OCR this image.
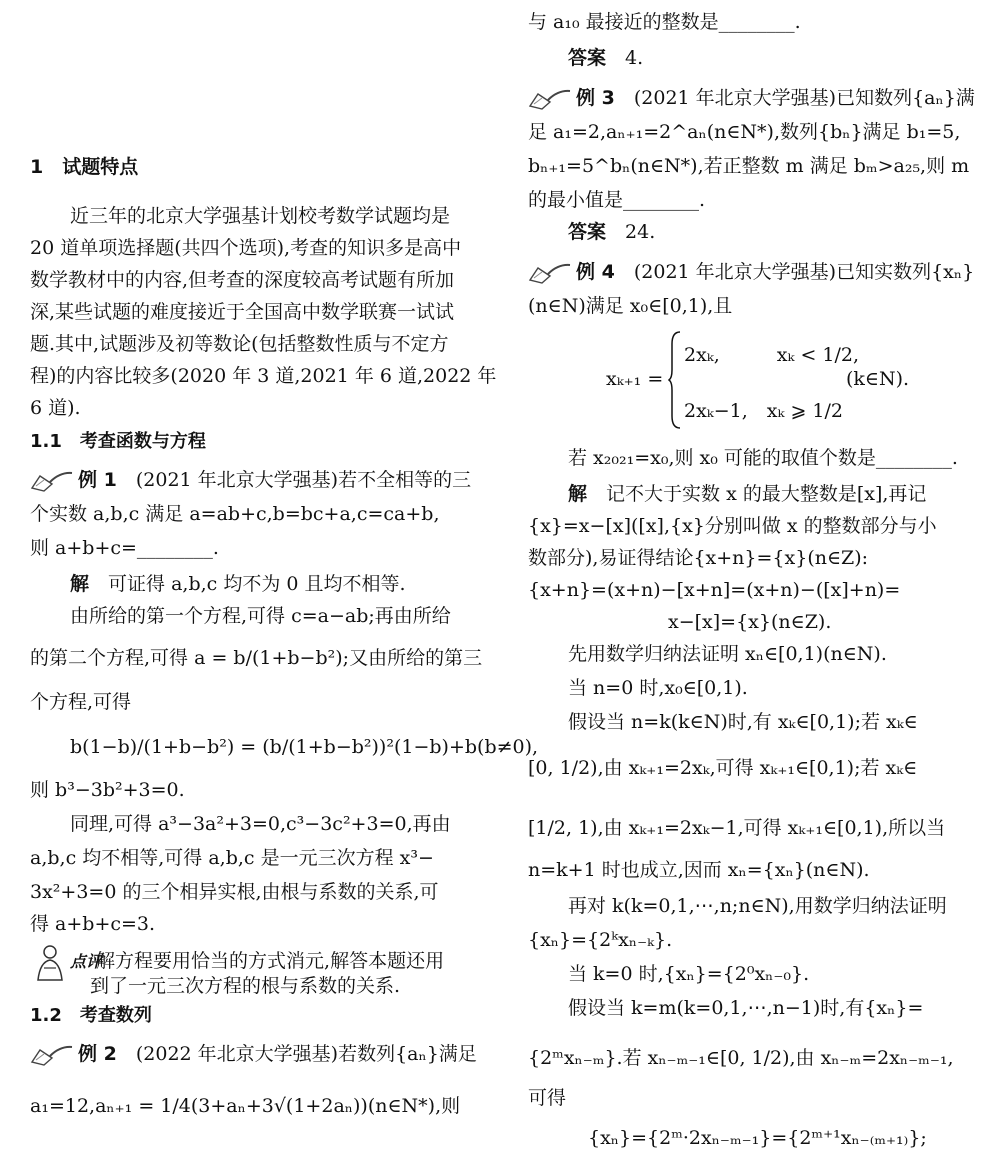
1　试题特点
近三年的北京大学强基计划校考数学试题均是
20 道单项选择题(共四个选项),考查的知识多是高中
数学教材中的内容,但考查的深度较高考试题有所加
深,某些试题的难度接近于全国高中数学联赛一试试
题.其中,试题涉及初等数论(包括整数性质与不定方
程)的内容比较多(2020 年 3 道,2021 年 6 道,2022 年
6 道).
1.1　考查函数与方程
例 1　 (2021 年北京大学强基)若不全相等的三
个实数 a,b,c 满足 a=ab+c,b=bc+a,c=ca+b,
则 a+b+c=________.
解　 可证得 a,b,c 均不为 0 且均不相等.
由所给的第一个方程,可得 c=a−ab;再由所给
的第二个方程,可得 a = b/(1+b−b²);又由所给的第三
个方程,可得
b(1−b)/(1+b−b²) = (b/(1+b−b²))²(1−b)+b(b≠0),
则 b³−3b²+3=0.
同理,可得 a³−3a²+3=0,c³−3c²+3=0,再由
a,b,c 均不相等,可得 a,b,c 是一元三次方程 x³−
3x²+3=0 的三个相异实根,由根与系数的关系,可
得 a+b+c=3.
点评 解方程要用恰当的方式消元,解答本题还用
到了一元三次方程的根与系数的关系.
1.2　考查数列
例 2　 (2022 年北京大学强基)若数列{aₙ}满足
a₁=12,aₙ₊₁ = 1/4(3+aₙ+3√(1+2aₙ))(n∈N*),则
与 a₁₀ 最接近的整数是________.
答案　 4.
例 3　 (2021 年北京大学强基)已知数列{aₙ}满
足 a₁=2,aₙ₊₁=2^aₙ(n∈N*),数列{bₙ}满足 b₁=5,
bₙ₊₁=5^bₙ(n∈N*),若正整数 m 满足 bₘ>a₂₅,则 m
的最小值是________.
答案　 24.
例 4　 (2021 年北京大学强基)已知实数列{xₙ}
(n∈N)满足 x₀∈[0,1),且
xₖ₊₁ =
2xₖ,　　　xₖ < 1/2,
2xₖ−1,　xₖ ⩾ 1/2
(k∈N).
若 x₂₀₂₁=x₀,则 x₀ 可能的取值个数是________.
解　 记不大于实数 x 的最大整数是[x],再记
{x}=x−[x]([x],{x}分别叫做 x 的整数部分与小
数部分),易证得结论{x+n}={x}(n∈Z):
{x+n}=(x+n)−[x+n]=(x+n)−([x]+n)=
x−[x]={x}(n∈Z).
先用数学归纳法证明 xₙ∈[0,1)(n∈N).
当 n=0 时,x₀∈[0,1).
假设当 n=k(k∈N)时,有 xₖ∈[0,1);若 xₖ∈
[0, 1/2),由 xₖ₊₁=2xₖ,可得 xₖ₊₁∈[0,1);若 xₖ∈
[1/2, 1),由 xₖ₊₁=2xₖ−1,可得 xₖ₊₁∈[0,1),所以当
n=k+1 时也成立,因而 xₙ={xₙ}(n∈N).
再对 k(k=0,1,⋯,n;n∈N),用数学归纳法证明
{xₙ}={2ᵏxₙ₋ₖ}.
当 k=0 时,{xₙ}={2⁰xₙ₋₀}.
假设当 k=m(k=0,1,⋯,n−1)时,有{xₙ}=
{2ᵐxₙ₋ₘ}.若 xₙ₋ₘ₋₁∈[0, 1/2),由 xₙ₋ₘ=2xₙ₋ₘ₋₁,
可得
{xₙ}={2ᵐ·2xₙ₋ₘ₋₁}={2ᵐ⁺¹xₙ₋₍ₘ₊₁₎};
